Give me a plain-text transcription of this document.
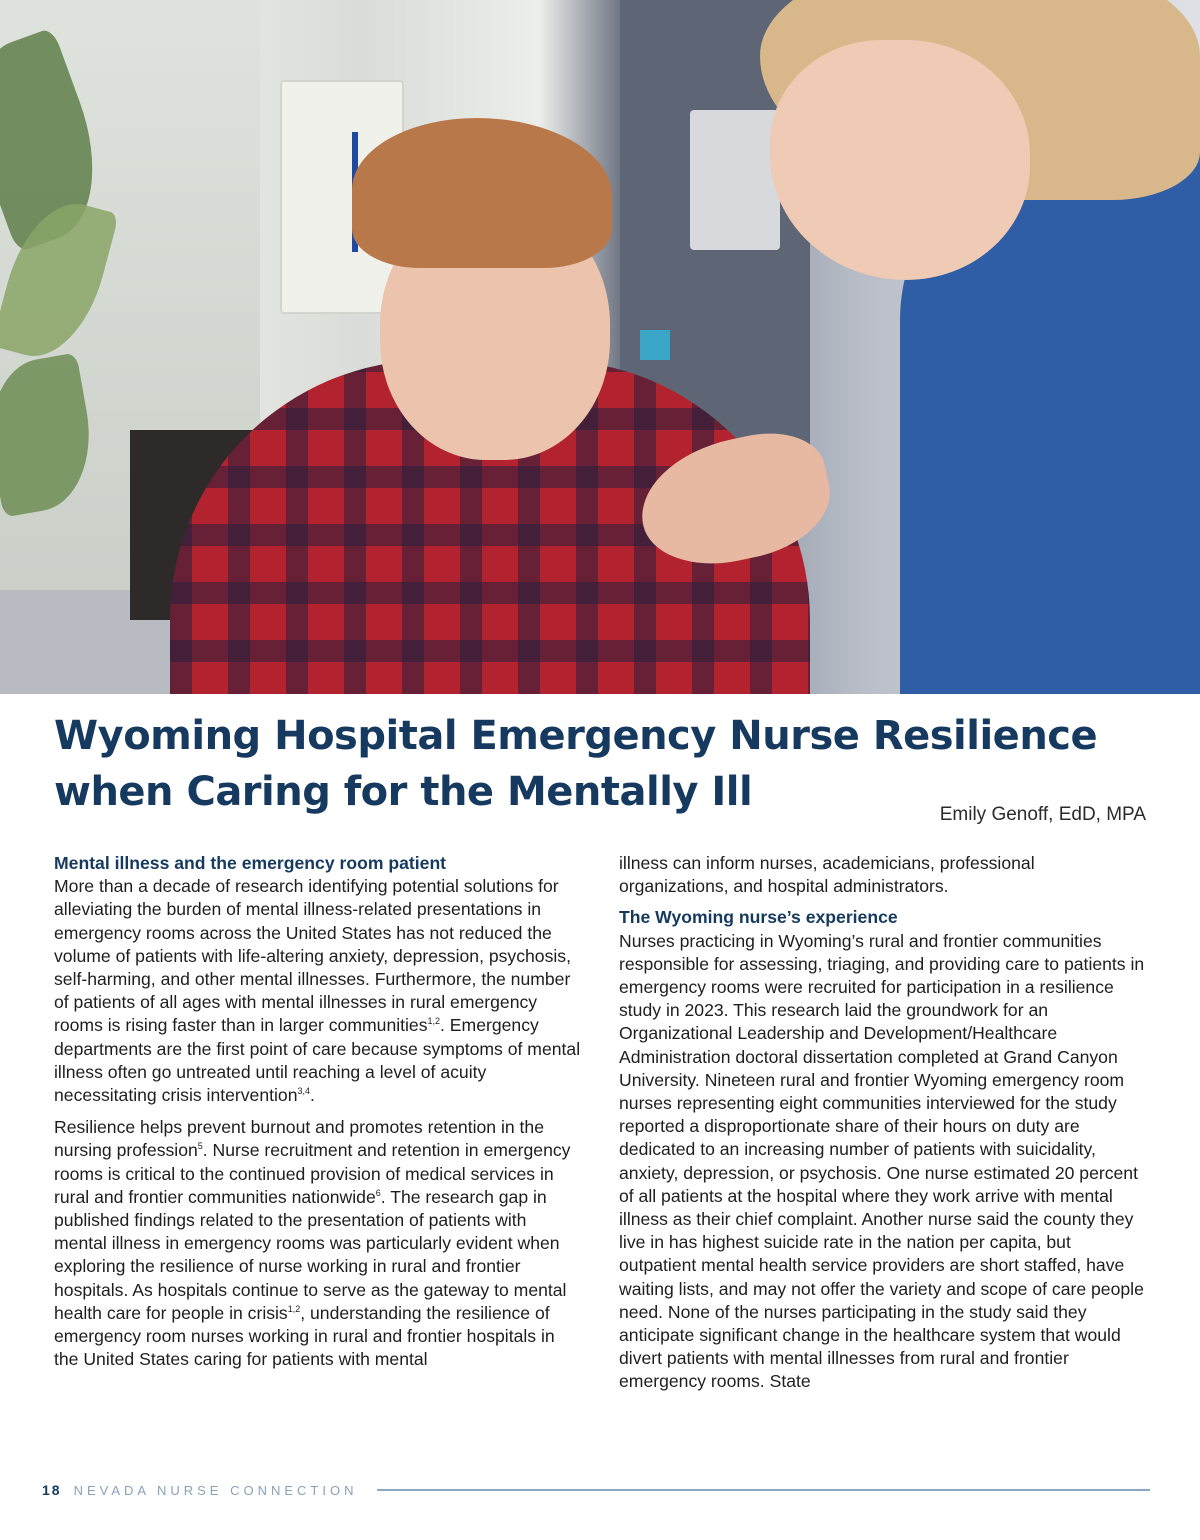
Wyoming Hospital Emergency Nurse Resilience when Caring for the Mentally Ill	Emily Genoff, EdD, MPA
Mental illness and the emergency room patient

More than a decade of research identifying potential solutions for alleviating the burden of mental illness-related presentations in emergency rooms across the United States has not reduced the volume of patients with life-altering anxiety, depression, psychosis, self-harming, and other mental illnesses. Furthermore, the number of patients of all ages with mental illnesses in rural emergency rooms is rising faster than in larger communities$^{1,2}$. Emergency departments are the first point of care because symptoms of mental illness often go untreated until reaching a level of acuity necessitating crisis intervention$^{3,4}$.

Resilience helps prevent burnout and promotes retention in the nursing profession$^5$. Nurse recruitment and retention in emergency rooms is critical to the continued provision of medical services in rural and frontier communities nationwide$^6$. The research gap in published findings related to the presentation of patients with mental illness in emergency rooms was particularly evident when exploring the resilience of nurse working in rural and frontier hospitals. As hospitals continue to serve as the gateway to mental health care for people in crisis$^{1,2}$, understanding the resilience of emergency room nurses working in rural and frontier hospitals in the United States caring for patients with mental

illness can inform nurses, academicians, professional organizations, and hospital administrators.

The Wyoming nurse’s experience

Nurses practicing in Wyoming’s rural and frontier communities responsible for assessing, triaging, and providing care to patients in emergency rooms were recruited for participation in a resilience study in 2023. This research laid the groundwork for an Organizational Leadership and Development/Healthcare Administration doctoral dissertation completed at Grand Canyon University. Nineteen rural and frontier Wyoming emergency room nurses representing eight communities interviewed for the study reported a disproportionate share of their hours on duty are dedicated to an increasing number of patients with suicidality, anxiety, depression, or psychosis. One nurse estimated 20 percent of all patients at the hospital where they work arrive with mental illness as their chief complaint. Another nurse said the county they live in has highest suicide rate in the nation per capita, but outpatient mental health service providers are short staffed, have waiting lists, and may not offer the variety and scope of care people need. None of the nurses participating in the study said they anticipate significant change in the healthcare system that would divert patients with mental illnesses from rural and frontier emergency rooms. State

18 NEVADA NURSE CONNECTION
